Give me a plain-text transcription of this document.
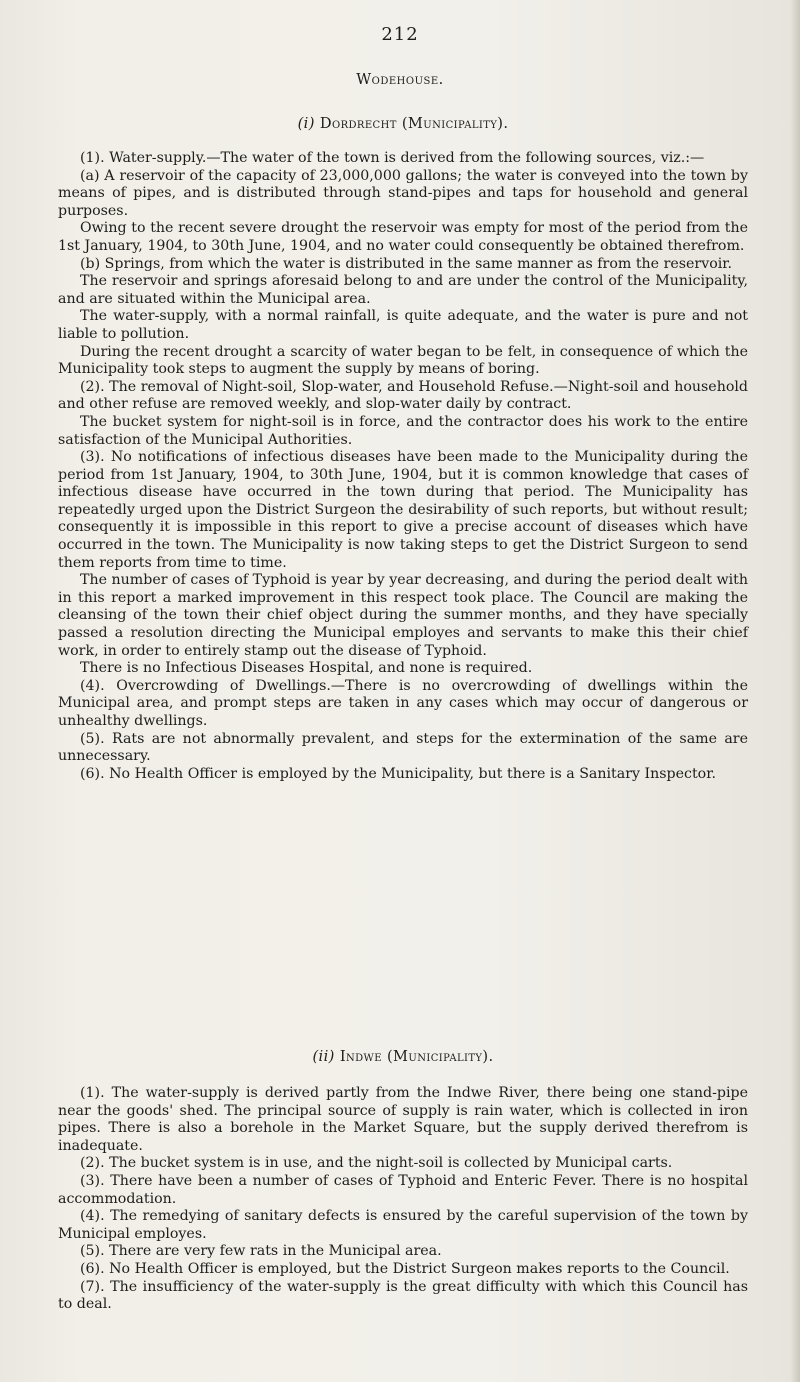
212
Wodehouse.
(i) Dordrecht (Municipality).

(1). Water-supply.—The water of the town is derived from the following sources, viz.:—

(a) A reservoir of the capacity of 23,000,000 gallons; the water is conveyed into the town by means of pipes, and is distributed through stand-pipes and taps for household and general purposes.

Owing to the recent severe drought the reservoir was empty for most of the period from the 1st January, 1904, to 30th June, 1904, and no water could consequently be obtained therefrom.

(b) Springs, from which the water is distributed in the same manner as from the reservoir.

The reservoir and springs aforesaid belong to and are under the control of the Municipality, and are situated within the Municipal area.

The water-supply, with a normal rainfall, is quite adequate, and the water is pure and not liable to pollution.

During the recent drought a scarcity of water began to be felt, in consequence of which the Municipality took steps to augment the supply by means of boring.

(2). The removal of Night-soil, Slop-water, and Household Refuse.—Night-soil and household and other refuse are removed weekly, and slop-water daily by contract.

The bucket system for night-soil is in force, and the contractor does his work to the entire satisfaction of the Municipal Authorities.

(3). No notifications of infectious diseases have been made to the Municipality during the period from 1st January, 1904, to 30th June, 1904, but it is common knowledge that cases of infectious disease have occurred in the town during that period. The Municipality has repeatedly urged upon the District Surgeon the desirability of such reports, but without result; consequently it is impossible in this report to give a precise account of diseases which have occurred in the town. The Municipality is now taking steps to get the District Surgeon to send them reports from time to time.

The number of cases of Typhoid is year by year decreasing, and during the period dealt with in this report a marked improvement in this respect took place. The Council are making the cleansing of the town their chief object during the summer months, and they have specially passed a resolution directing the Municipal employes and servants to make this their chief work, in order to entirely stamp out the disease of Typhoid.

There is no Infectious Diseases Hospital, and none is required.

(4). Overcrowding of Dwellings.—There is no overcrowding of dwellings within the Municipal area, and prompt steps are taken in any cases which may occur of dangerous or unhealthy dwellings.

(5). Rats are not abnormally prevalent, and steps for the extermination of the same are unnecessary.

(6). No Health Officer is employed by the Municipality, but there is a Sanitary Inspector.

(ii) Indwe (Municipality).

(1). The water-supply is derived partly from the Indwe River, there being one stand-pipe near the goods' shed. The principal source of supply is rain water, which is collected in iron pipes. There is also a borehole in the Market Square, but the supply derived therefrom is inadequate.

(2). The bucket system is in use, and the night-soil is collected by Municipal carts.

(3). There have been a number of cases of Typhoid and Enteric Fever. There is no hospital accommodation.

(4). The remedying of sanitary defects is ensured by the careful supervision of the town by Municipal employes.

(5). There are very few rats in the Municipal area.

(6). No Health Officer is employed, but the District Surgeon makes reports to the Council.

(7). The insufficiency of the water-supply is the great difficulty with which this Council has to deal.
